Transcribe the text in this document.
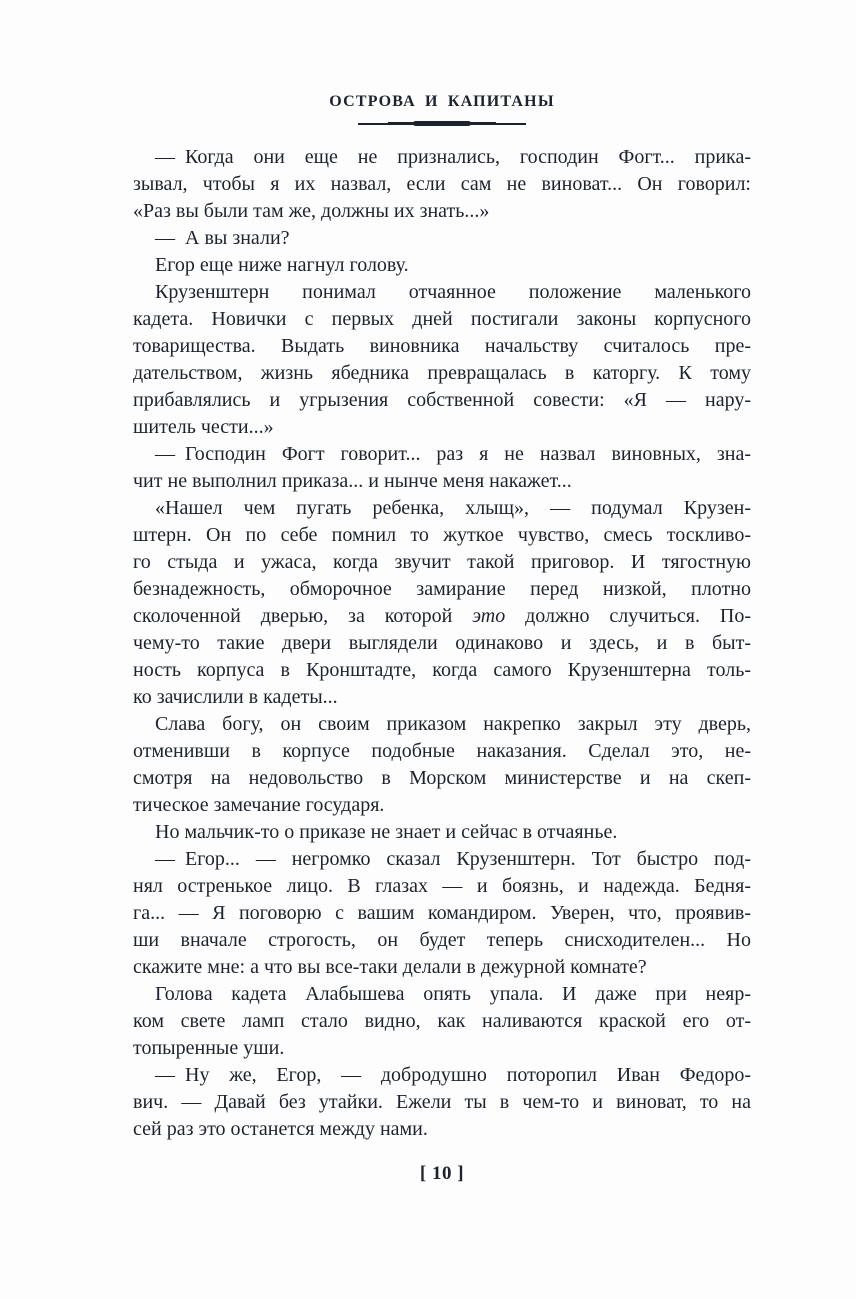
ОСТРОВА И КАПИТАНЫ
— Когда они еще не признались, господин Фогт... прика-
зывал, чтобы я их назвал, если сам не виноват... Он говорил:
«Раз вы были там же, должны их знать...»
— А вы знали?
Егор еще ниже нагнул голову.
Крузенштерн понимал отчаянное положение маленького
кадета. Новички с первых дней постигали законы корпусного
товарищества. Выдать виновника начальству считалось пре-
дательством, жизнь ябедника превращалась в каторгу. К тому
прибавлялись и угрызения собственной совести: «Я — нару-
шитель чести...»
— Господин Фогт говорит... раз я не назвал виновных, зна-
чит не выполнил приказа... и нынче меня накажет...
«Нашел чем пугать ребенка, хлыщ», — подумал Крузен-
штерн. Он по себе помнил то жуткое чувство, смесь тоскливо-
го стыда и ужаса, когда звучит такой приговор. И тягостную
безнадежность, обморочное замирание перед низкой, плотно
сколоченной дверью, за которой это должно случиться. По-
чему-то такие двери выглядели одинаково и здесь, и в быт-
ность корпуса в Кронштадте, когда самого Крузенштерна толь-
ко зачислили в кадеты...
Слава богу, он своим приказом накрепко закрыл эту дверь,
отменивши в корпусе подобные наказания. Сделал это, не-
смотря на недовольство в Морском министерстве и на скеп-
тическое замечание государя.
Но мальчик-то о приказе не знает и сейчас в отчаянье.
— Егор... — негромко сказал Крузенштерн. Тот быстро под-
нял остренькое лицо. В глазах — и боязнь, и надежда. Бедня-
га... — Я поговорю с вашим командиром. Уверен, что, проявив-
ши вначале строгость, он будет теперь снисходителен... Но
скажите мне: а что вы все-таки делали в дежурной комнате?
Голова кадета Алабышева опять упала. И даже при неяр-
ком свете ламп стало видно, как наливаются краской его от-
топыренные уши.
— Ну же, Егор, — добродушно поторопил Иван Федоро-
вич. — Давай без утайки. Ежели ты в чем-то и виноват, то на
сей раз это останется между нами.
[ 10 ]
